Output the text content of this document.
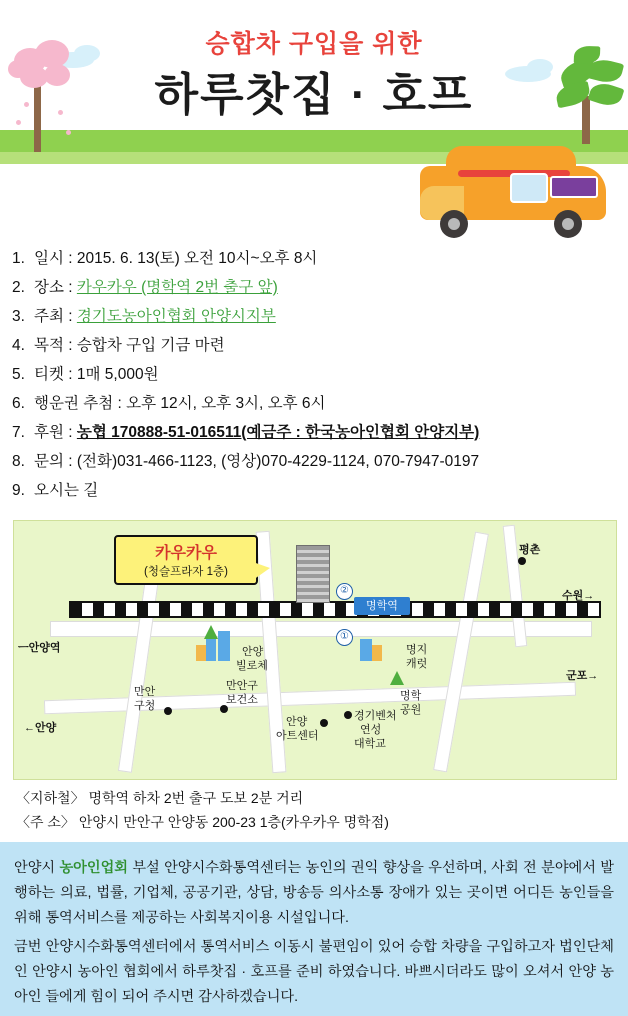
승합차 구입을 위한
하루찻집 · 호프
1. 일시 : 2015. 6. 13(토) 오전 10시~오후 8시
2. 장소 : 카우카우 (명학역 2번 출구 앞)
3. 주최 : 경기도농아인협회 안양시지부
4. 목적 : 승합차 구입 기금 마련
5. 티켓 : 1매 5,000원
6. 행운권 추첨 : 오후 12시, 오후 3시, 오후 6시
7. 후원 : 농협 170888-51-016511(예금주 : 한국농아인협회 안양지부)
8. 문의 : (전화)031-466-1123, (영상)070-4229-1124, 070-7947-0197
9. 오시는 길
카우카우
(청슬프라자 1층)
명학역
②
①
평촌
수원→
ㅡ안양역
군포→
안양
빌로체
명지
캐럿
만안
구청
만안구
보건소	명학
공원
경기벤처
연성
대학교
안양
아트센터
←안양
〈지하철〉 명학역 하차 2번 출구 도보 2분 거리
〈주 소〉 안양시 만안구 안양동 200-23 1층(카우카우 명학점)

안양시 농아인업회 부설 안양시수화통역센터는 농인의 권익 향상을 우선하며, 사회 전 분야에서 발행하는 의료, 법률, 기업체, 공공기관, 상담, 방송등 의사소통 장애가 있는 곳이면 어디든 농인들을 위해 통역서비스를 제공하는 사회복지이용 시설입니다.

금번 안양시수화통역센터에서 통역서비스 이동시 불편임이 있어 승합 차량을 구입하고자 법인단체인 안양시 농아인 협회에서 하루찻집 · 호프를 준비 하였습니다. 바쁘시더라도 많이 오셔서 안양 농아인 들에게 힘이 되어 주시면 감사하겠습니다.
